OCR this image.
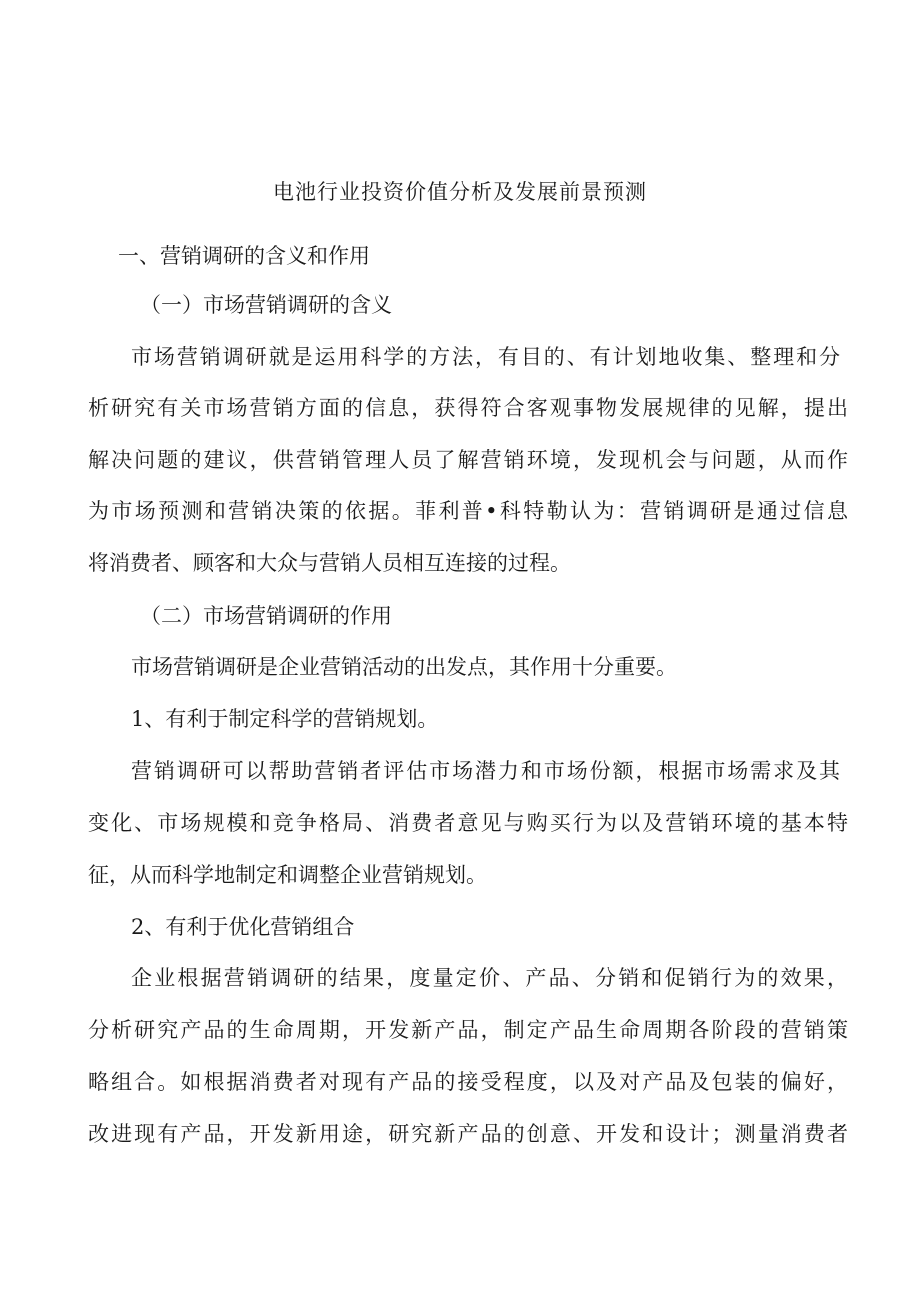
电池行业投资价值分析及发展前景预测
一、营销调研的含义和作用
（一）市场营销调研的含义
市场营销调研就是运用科学的方法，有目的、有计划地收集、整理和分
析研究有关市场营销方面的信息，获得符合客观事物发展规律的见解，提出
解决问题的建议，供营销管理人员了解营销环境，发现机会与问题，从而作
为市场预测和营销决策的依据。菲利普•科特勒认为：营销调研是通过信息
将消费者、顾客和大众与营销人员相互连接的过程。
（二）市场营销调研的作用
市场营销调研是企业营销活动的出发点，其作用十分重要。
1、有利于制定科学的营销规划。
营销调研可以帮助营销者评估市场潜力和市场份额，根据市场需求及其
变化、市场规模和竞争格局、消费者意见与购买行为以及营销环境的基本特
征，从而科学地制定和调整企业营销规划。
2、有利于优化营销组合
企业根据营销调研的结果，度量定价、产品、分销和促销行为的效果，
分析研究产品的生命周期，开发新产品，制定产品生命周期各阶段的营销策
略组合。如根据消费者对现有产品的接受程度，以及对产品及包装的偏好，
改进现有产品，开发新用途，研究新产品的创意、开发和设计；测量消费者
